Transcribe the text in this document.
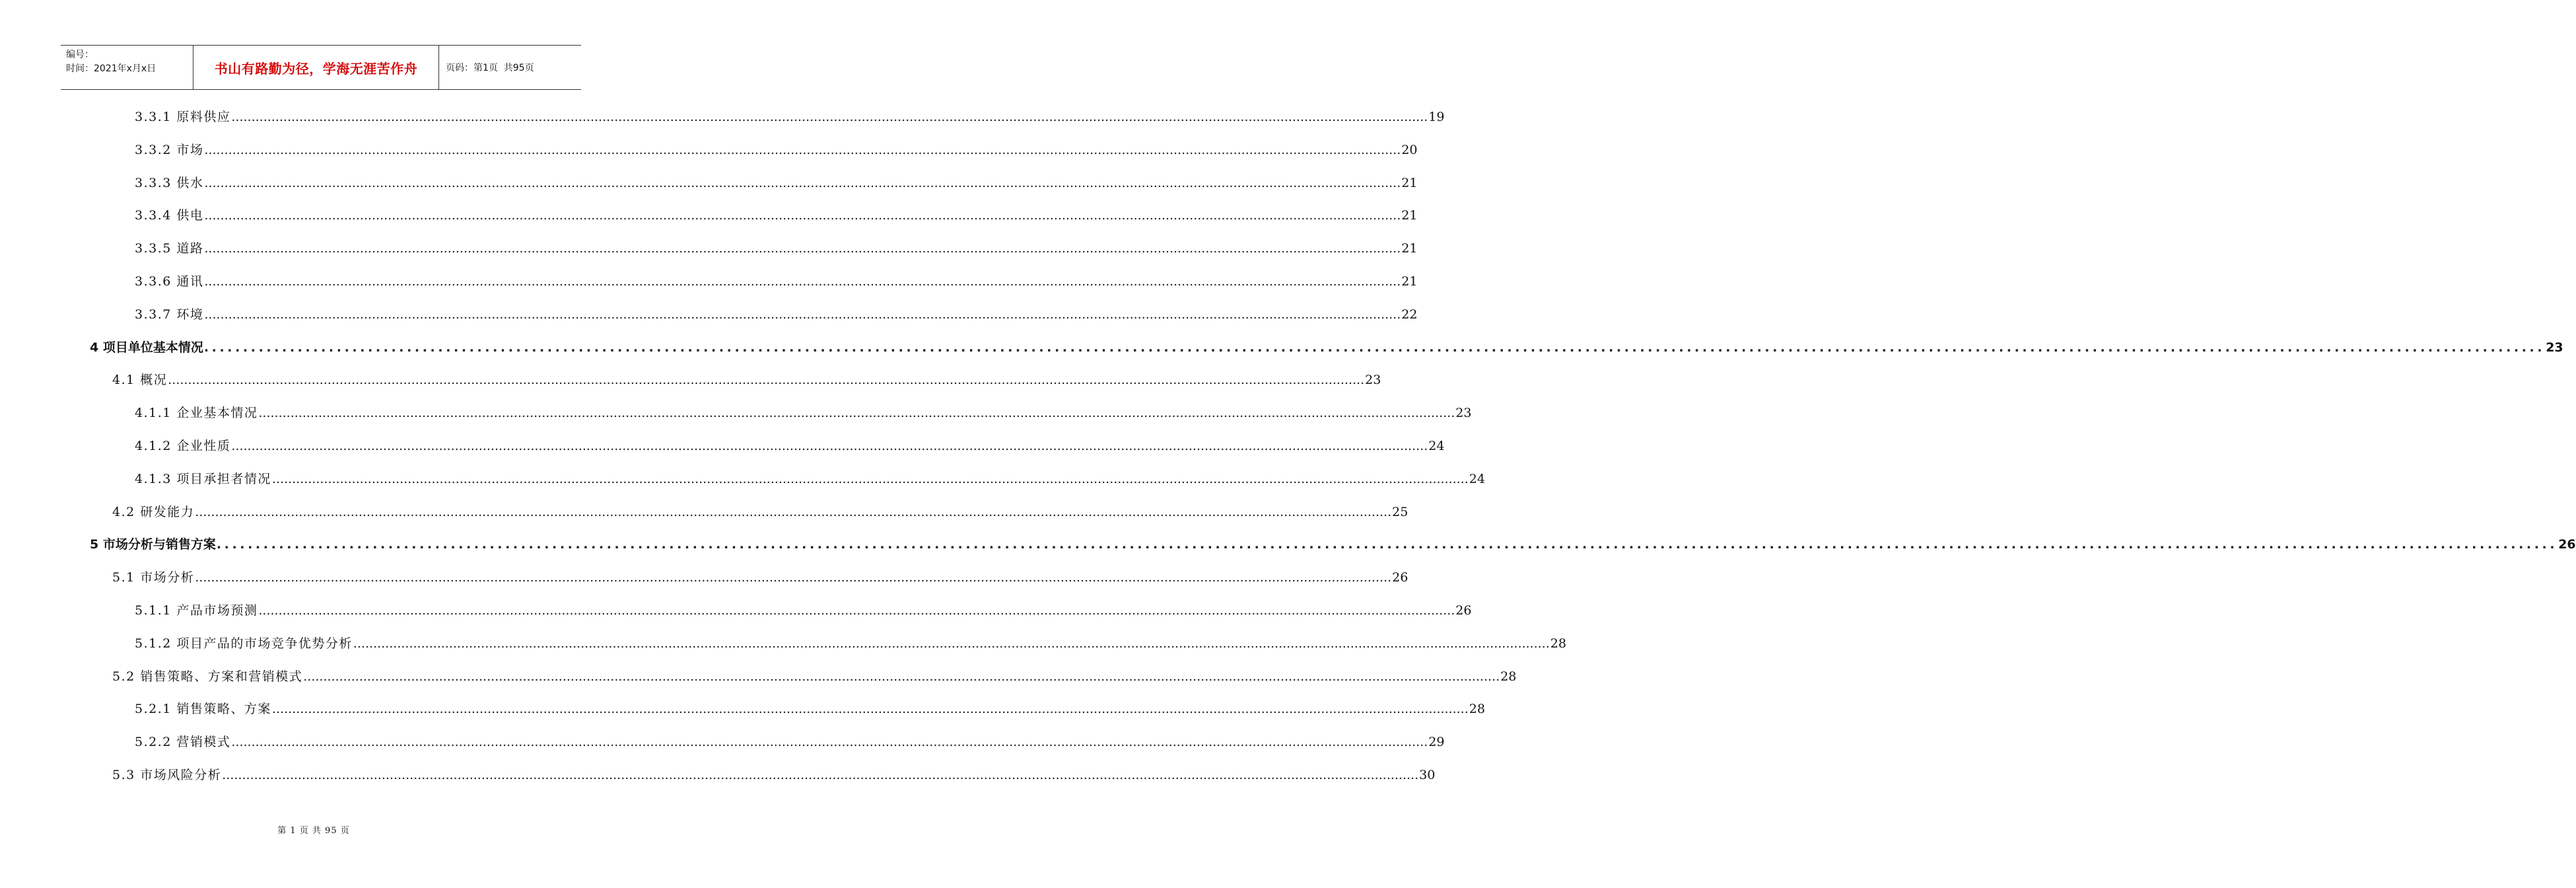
编号：
时间：2021年x月x日	书山有路勤为径，学海无涯苦作舟	页码：第1页  共95页
3.3.1 原料供应 ............................................................................................................................................................................................................................................................................................................ 19
3.3.2 市场 ............................................................................................................................................................................................................................................................................................................ 20
3.3.3 供水 ............................................................................................................................................................................................................................................................................................................ 21
3.3.4 供电 ............................................................................................................................................................................................................................................................................................................ 21
3.3.5 道路 ............................................................................................................................................................................................................................................................................................................ 21
3.3.6 通讯 ............................................................................................................................................................................................................................................................................................................ 21
3.3.7 环境 ............................................................................................................................................................................................................................................................................................................ 22
4 项目单位基本情况 ............................................................................................................................................................................................................................................................................................................ 23
4.1 概况 ............................................................................................................................................................................................................................................................................................................ 23
4.1.1 企业基本情况 ............................................................................................................................................................................................................................................................................................................ 23
4.1.2 企业性质 ............................................................................................................................................................................................................................................................................................................ 24
4.1.3 项目承担者情况 ............................................................................................................................................................................................................................................................................................................ 24
4.2 研发能力 ............................................................................................................................................................................................................................................................................................................ 25
5 市场分析与销售方案 ............................................................................................................................................................................................................................................................................................................ 26
5.1 市场分析 ............................................................................................................................................................................................................................................................................................................ 26
5.1.1 产品市场预测 ............................................................................................................................................................................................................................................................................................................ 26
5.1.2 项目产品的市场竞争优势分析 ............................................................................................................................................................................................................................................................................................................ 28
5.2 销售策略、方案和营销模式 ............................................................................................................................................................................................................................................................................................................ 28
5.2.1 销售策略、方案 ............................................................................................................................................................................................................................................................................................................ 28
5.2.2 营销模式 ............................................................................................................................................................................................................................................................................................................ 29
5.3 市场风险分析 ............................................................................................................................................................................................................................................................................................................ 30
第 1 页 共 95 页
